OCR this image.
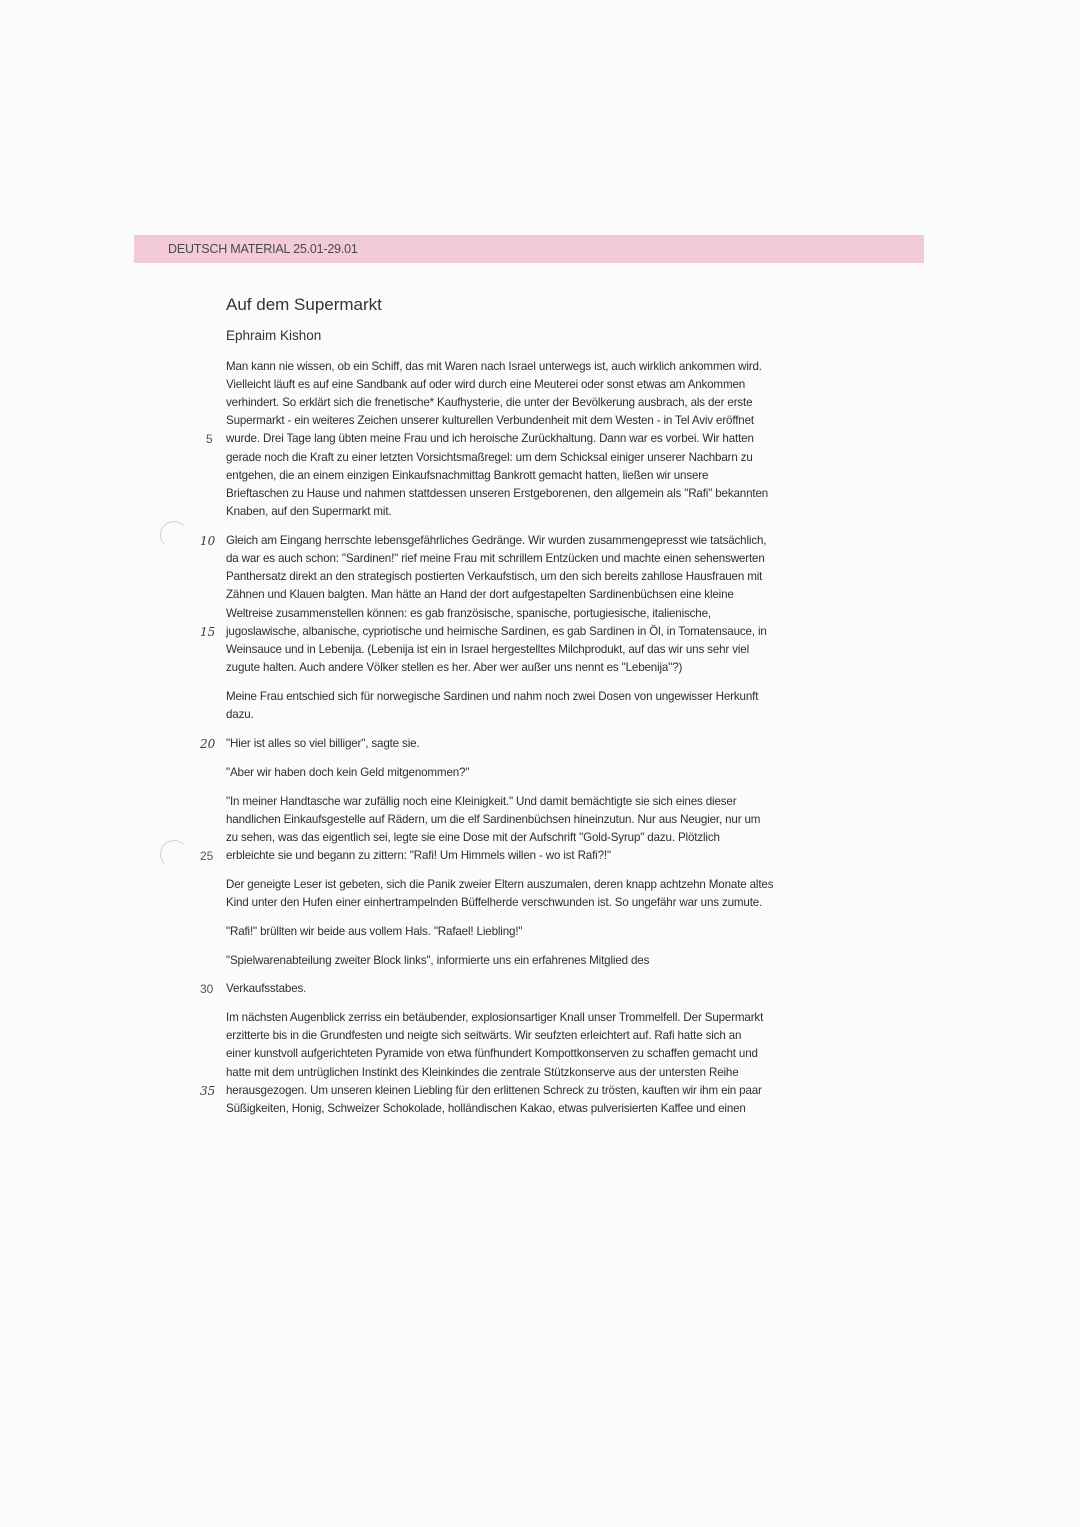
DEUTSCH MATERIAL 25.01-29.01
Auf dem Supermarkt
Ephraim Kishon
Man kann nie wissen, ob ein Schiff, das mit Waren nach Israel unterwegs ist, auch wirklich ankommen wird.
Vielleicht läuft es auf eine Sandbank auf oder wird durch eine Meuterei oder sonst etwas am Ankommen
verhindert. So erklärt sich die frenetische* Kaufhysterie, die unter der Bevölkerung ausbrach, als der erste
Supermarkt - ein weiteres Zeichen unserer kulturellen Verbundenheit mit dem Westen - in Tel Aviv eröffnet
wurde. Drei Tage lang übten meine Frau und ich heroische Zurückhaltung. Dann war es vorbei. Wir hatten
gerade noch die Kraft zu einer letzten Vorsichtsmaßregel: um dem Schicksal einiger unserer Nachbarn zu
entgehen, die an einem einzigen Einkaufsnachmittag Bankrott gemacht hatten, ließen wir unsere
Brieftaschen zu Hause und nahmen stattdessen unseren Erstgeborenen, den allgemein als "Rafi" bekannten
Knaben, auf den Supermarkt mit.
Gleich am Eingang herrschte lebensgefährliches Gedränge. Wir wurden zusammengepresst wie tatsächlich,
da war es auch schon: "Sardinen!" rief meine Frau mit schrillem Entzücken und machte einen sehenswerten
Panthersatz direkt an den strategisch postierten Verkaufstisch, um den sich bereits zahllose Hausfrauen mit
Zähnen und Klauen balgten. Man hätte an Hand der dort aufgestapelten Sardinenbüchsen eine kleine
Weltreise zusammenstellen können: es gab französische, spanische, portugiesische, italienische,
jugoslawische, albanische, cypriotische und heimische Sardinen, es gab Sardinen in Öl, in Tomatensauce, in
Weinsauce und in Lebenija. (Lebenija ist ein in Israel hergestelltes Milchprodukt, auf das wir uns sehr viel
zugute halten. Auch andere Völker stellen es her. Aber wer außer uns nennt es "Lebenija"?)
Meine Frau entschied sich für norwegische Sardinen und nahm noch zwei Dosen von ungewisser Herkunft
dazu.
"Hier ist alles so viel billiger", sagte sie.
"Aber wir haben doch kein Geld mitgenommen?"
"In meiner Handtasche war zufällig noch eine Kleinigkeit." Und damit bemächtigte sie sich eines dieser
handlichen Einkaufsgestelle auf Rädern, um die elf Sardinenbüchsen hineinzutun. Nur aus Neugier, nur um
zu sehen, was das eigentlich sei, legte sie eine Dose mit der Aufschrift "Gold-Syrup" dazu. Plötzlich
erbleichte sie und begann zu zittern: "Rafi! Um Himmels willen - wo ist Rafi?!"
Der geneigte Leser ist gebeten, sich die Panik zweier Eltern auszumalen, deren knapp achtzehn Monate altes
Kind unter den Hufen einer einhertrampelnden Büffelherde verschwunden ist. So ungefähr war uns zumute.
"Rafi!" brüllten wir beide aus vollem Hals. "Rafael! Liebling!"
"Spielwarenabteilung zweiter Block links", informierte uns ein erfahrenes Mitglied des
Verkaufsstabes.
Im nächsten Augenblick zerriss ein betäubender, explosionsartiger Knall unser Trommelfell. Der Supermarkt
erzitterte bis in die Grundfesten und neigte sich seitwärts. Wir seufzten erleichtert auf. Rafi hatte sich an
einer kunstvoll aufgerichteten Pyramide von etwa fünfhundert Kompottkonserven zu schaffen gemacht und
hatte mit dem untrüglichen Instinkt des Kleinkindes die zentrale Stützkonserve aus der untersten Reihe
herausgezogen. Um unseren kleinen Liebling für den erlittenen Schreck zu trösten, kauften wir ihm ein paar
Süßigkeiten, Honig, Schweizer Schokolade, holländischen Kakao, etwas pulverisierten Kaffee und einen
5
10
15
20
25
30
35
